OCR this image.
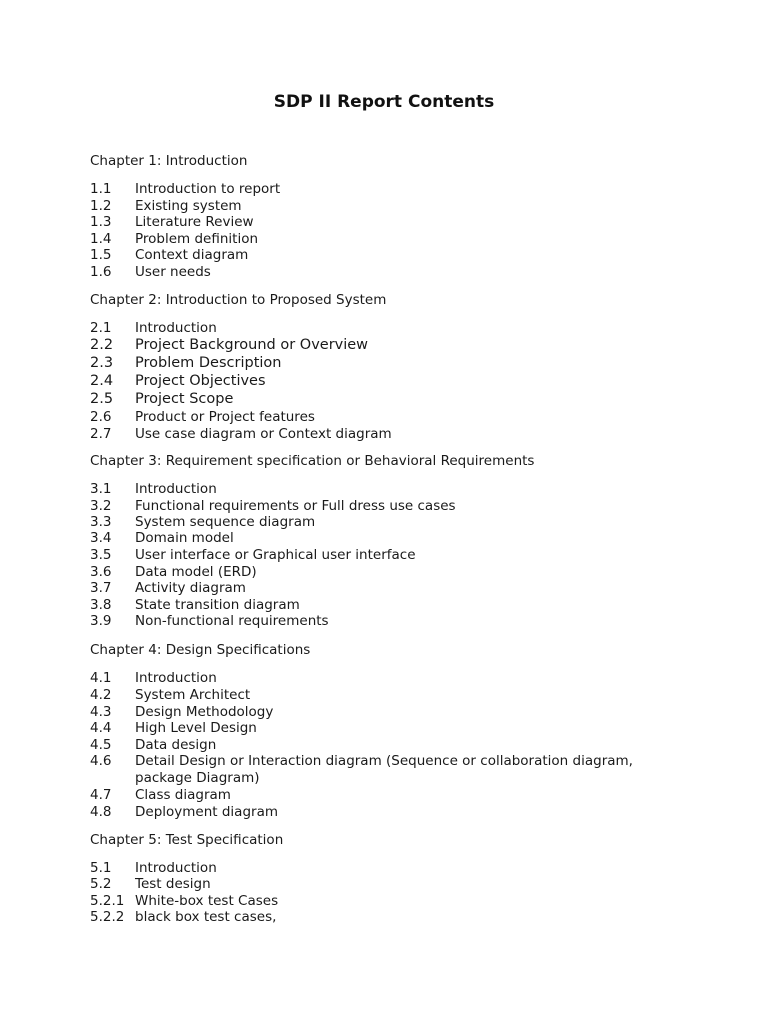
SDP II Report Contents
Chapter 1: Introduction
1.1 Introduction to report
1.2 Existing system
1.3 Literature Review
1.4 Problem definition
1.5 Context diagram
1.6 User needs
Chapter 2: Introduction to Proposed System
2.1 Introduction
2.2 Project Background or Overview
2.3 Problem Description
2.4 Project Objectives
2.5 Project Scope
2.6 Product or Project features
2.7 Use case diagram or Context diagram
Chapter 3: Requirement specification or Behavioral Requirements
3.1 Introduction
3.2 Functional requirements or Full dress use cases
3.3 System sequence diagram
3.4 Domain model
3.5 User interface or Graphical user interface
3.6 Data model (ERD)
3.7 Activity diagram
3.8 State transition diagram
3.9 Non-functional requirements
Chapter 4: Design Specifications
4.1 Introduction
4.2 System Architect
4.3 Design Methodology
4.4 High Level Design
4.5 Data design
4.6 Detail Design or Interaction diagram (Sequence or collaboration diagram,
package Diagram)
4.7 Class diagram
4.8 Deployment diagram
Chapter 5: Test Specification
5.1 Introduction
5.2 Test design
5.2.1 White-box test Cases
5.2.2 black box test cases,
